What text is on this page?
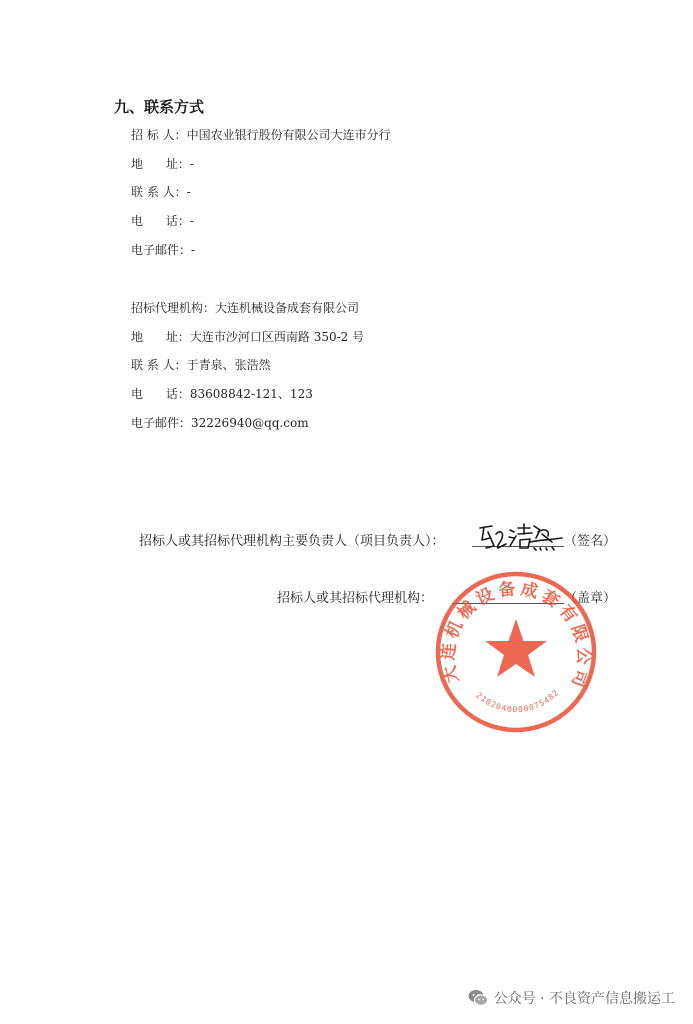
九、联系方式
招 标 人：中国农业银行股份有限公司大连市分行
地      址：-
联 系 人：-
电      话：-
电子邮件：-
招标代理机构：大连机械设备成套有限公司
地      址：大连市沙河口区西南路 350-2 号
联 系 人：于青泉、张浩然
电      话：83608842-121、123
电子邮件：32226940@qq.com
招标人或其招标代理机构主要负责人（项目负责人）：	（签名）
招标人或其招标代理机构：	（盖章）
大连机械设备成套有限公司
2102040000075482
公众号 · 不良资产信息搬运工
